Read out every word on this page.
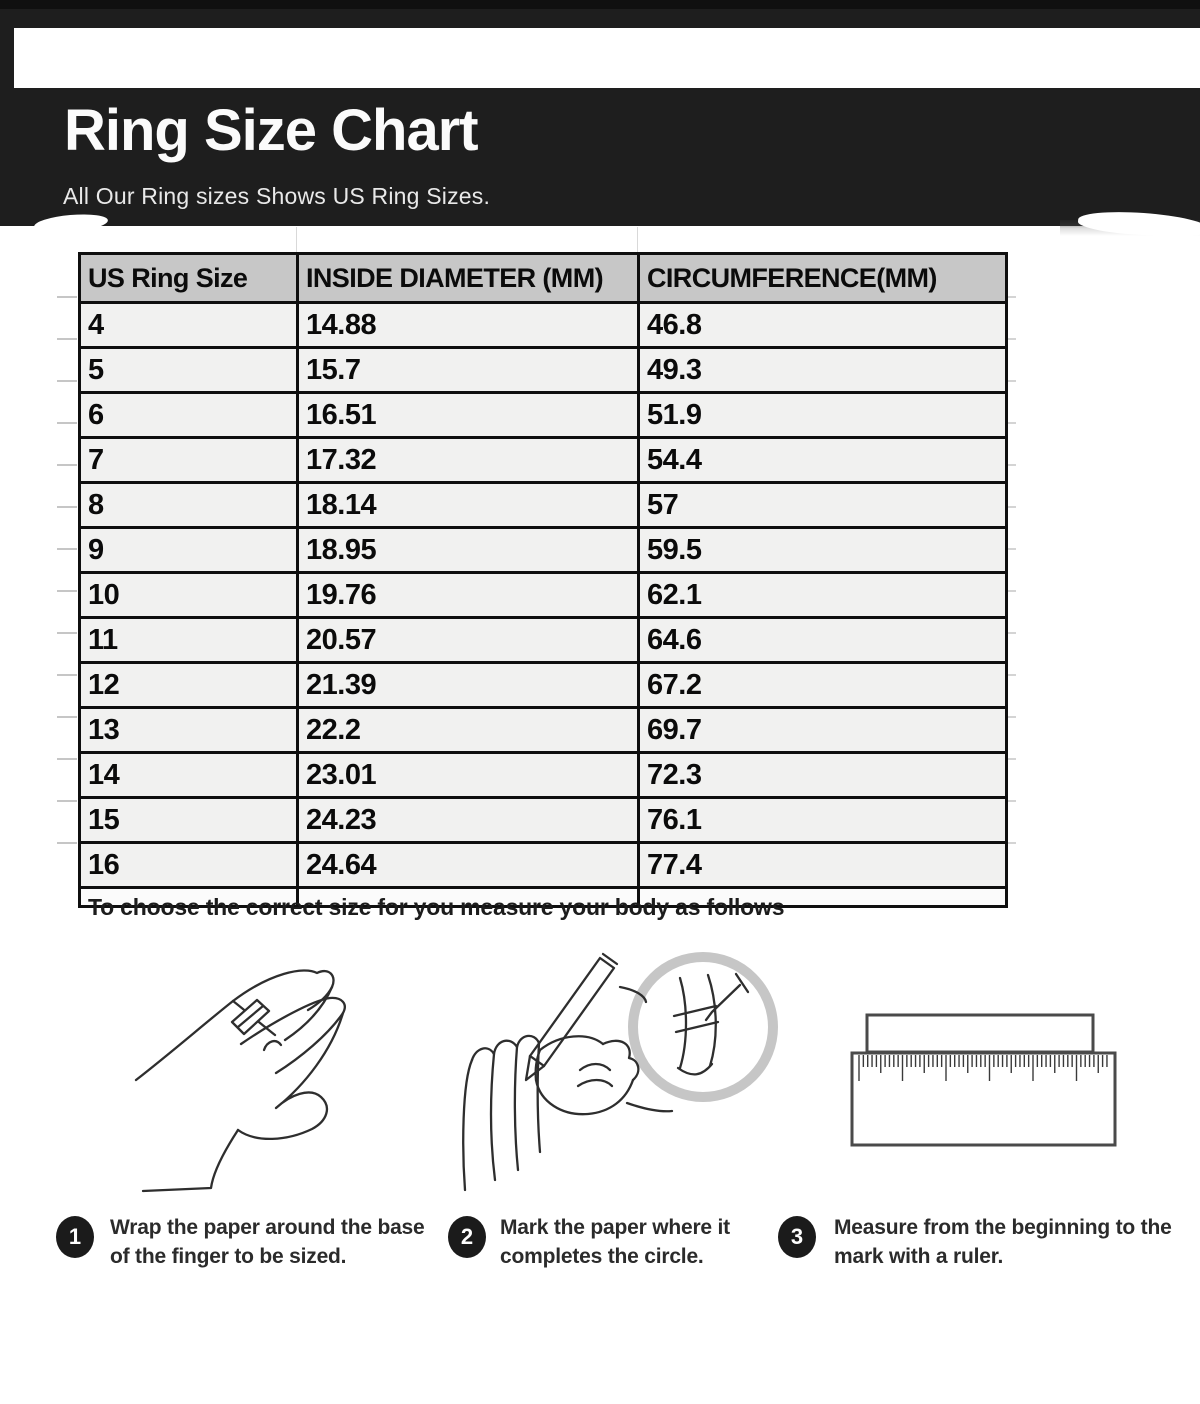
Ring Size Chart

All Our Ring sizes Shows US Ring Sizes.

US Ring Size	INSIDE DIAMETER (MM)	CIRCUMFERENCE(MM)
4	14.88	46.8
5	15.7	49.3
6	16.51	51.9
7	17.32	54.4
8	18.14	57
9	18.95	59.5
10	19.76	62.1
11	20.57	64.6
12	21.39	67.2
13	22.2	69.7
14	23.01	72.3
15	24.23	76.1
16	24.64	77.4

To choose the correct size for you measure your body as follows
1	Wrap the paper around the base of the finger to be sized.

2	Mark the paper where it completes the circle.

3	Measure from the beginning to the mark with a ruler.
